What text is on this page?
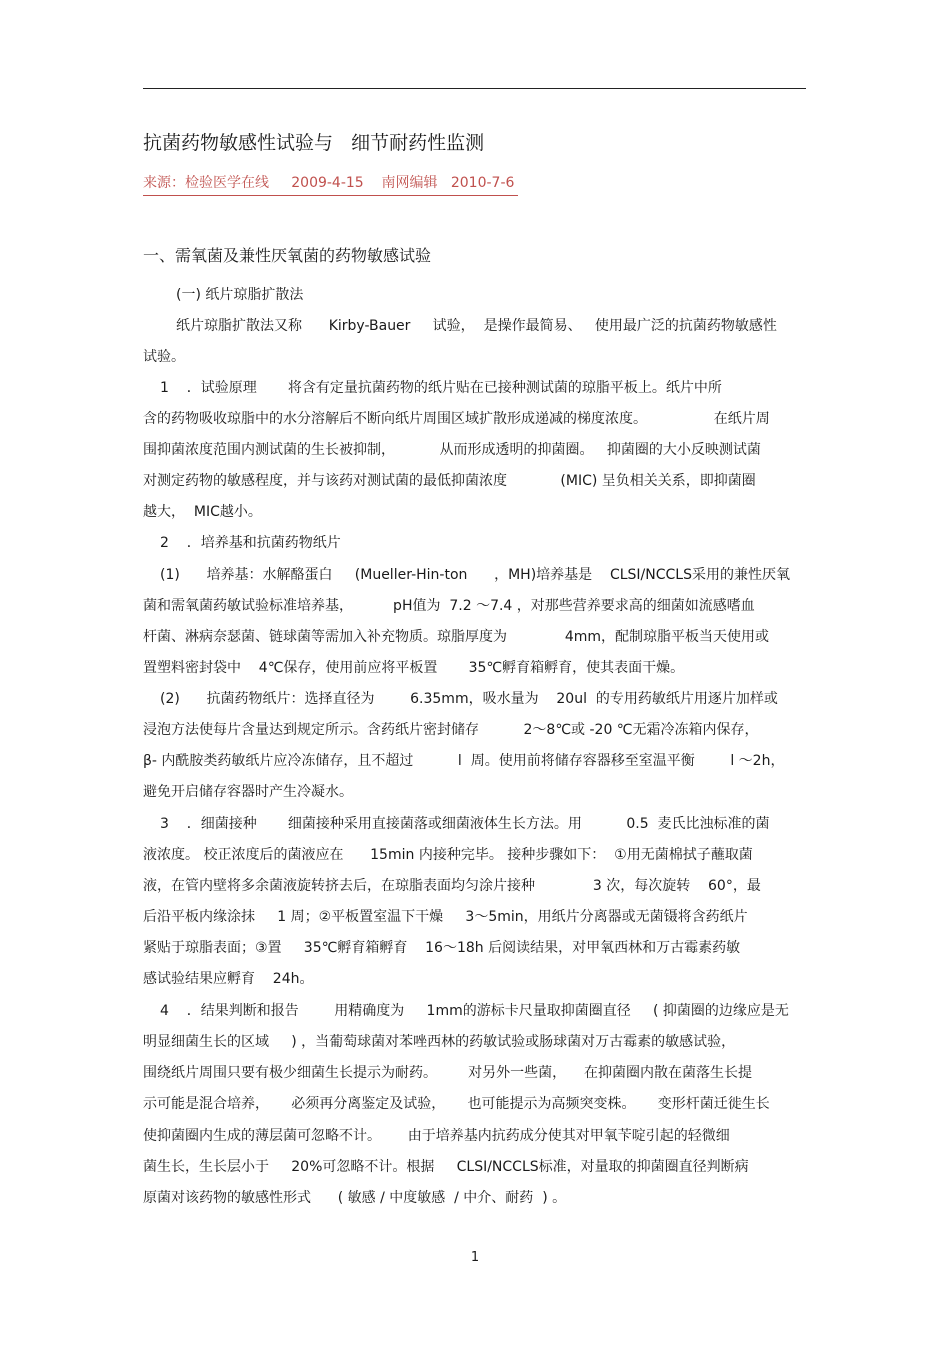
抗菌药物敏感性试验与   细节耐药性监测
来源：检验医学在线     2009-4-15    南网编辑   2010-7-6
一、需氧菌及兼性厌氧菌的药物敏感试验
(一) 纸片琼脂扩散法
纸片琼脂扩散法又称      Kirby-Bauer     试验，  是操作最简易、   使用最广泛的抗菌药物敏感性
试验。
1    ．试验原理       将含有定量抗菌药物的纸片贴在已接种测试菌的琼脂平板上。纸片中所
含的药物吸收琼脂中的水分溶解后不断向纸片周围区域扩散形成递减的梯度浓度。               在纸片周
围抑菌浓度范围内测试菌的生长被抑制，          从而形成透明的抑菌圈。   抑菌圈的大小反映测试菌
对测定药物的敏感程度，并与该药对测试菌的最低抑菌浓度            (MIC) 呈负相关关系，即抑菌圈
越大，  MIC越小。
2    ．培养基和抗菌药物纸片
(1)      培养基：水解酪蛋白     (Mueller-Hin-ton      ，MH)培养基是    CLSI/NCCLS采用的兼性厌氧
菌和需氧菌药敏试验标准培养基，         pH值为  7.2 ～7.4 ，对那些营养要求高的细菌如流感嗜血
杆菌、淋病奈瑟菌、链球菌等需加入补充物质。琼脂厚度为             4mm，配制琼脂平板当天使用或
置塑料密封袋中    4℃保存，使用前应将平板置       35℃孵育箱孵育，使其表面干燥。
(2)      抗菌药物纸片：选择直径为        6.35mm，吸水量为    20ul  的专用药敏纸片用逐片加样或
浸泡方法使每片含量达到规定所示。含药纸片密封储存          2～8℃或 -20 ℃无霜冷冻箱内保存，
β- 内酰胺类药敏纸片应冷冻储存，且不超过          l  周。使用前将储存容器移至室温平衡        l ～2h，
避免开启储存容器时产生冷凝水。
3    ．细菌接种       细菌接种采用直接菌落或细菌液体生长方法。用          0.5  麦氏比浊标准的菌
液浓度。 校正浓度后的菌液应在      15min 内接种完毕。 接种步骤如下：  ①用无菌棉拭子蘸取菌
液，在管内壁将多余菌液旋转挤去后，在琼脂表面均匀涂片接种             3 次，每次旋转    60°，最
后沿平板内缘涂抹     1 周；②平板置室温下干燥     3～5min，用纸片分离器或无菌镊将含药纸片
紧贴于琼脂表面；③置     35℃孵育箱孵育    16～18h 后阅读结果，对甲氧西林和万古霉素药敏
感试验结果应孵育    24h。
4    ．结果判断和报告        用精确度为     1mm的游标卡尺量取抑菌圈直径     ( 抑菌圈的边缘应是无
明显细菌生长的区域     ) ，当葡萄球菌对苯唑西林的药敏试验或肠球菌对万古霉素的敏感试验，
围绕纸片周围只要有极少细菌生长提示为耐药。       对另外一些菌，    在抑菌圈内散在菌落生长提
示可能是混合培养，     必须再分离鉴定及试验，     也可能提示为高频突变株。     变形杆菌迁徙生长
使抑菌圈内生成的薄层菌可忽略不计。      由于培养基内抗药成分使其对甲氧苄啶引起的轻微细
菌生长，生长层小于     20%可忽略不计。根据     CLSI/NCCLS标准，对量取的抑菌圈直径判断病
原菌对该药物的敏感性形式      ( 敏感 / 中度敏感  / 中介、耐药  ) 。
1
